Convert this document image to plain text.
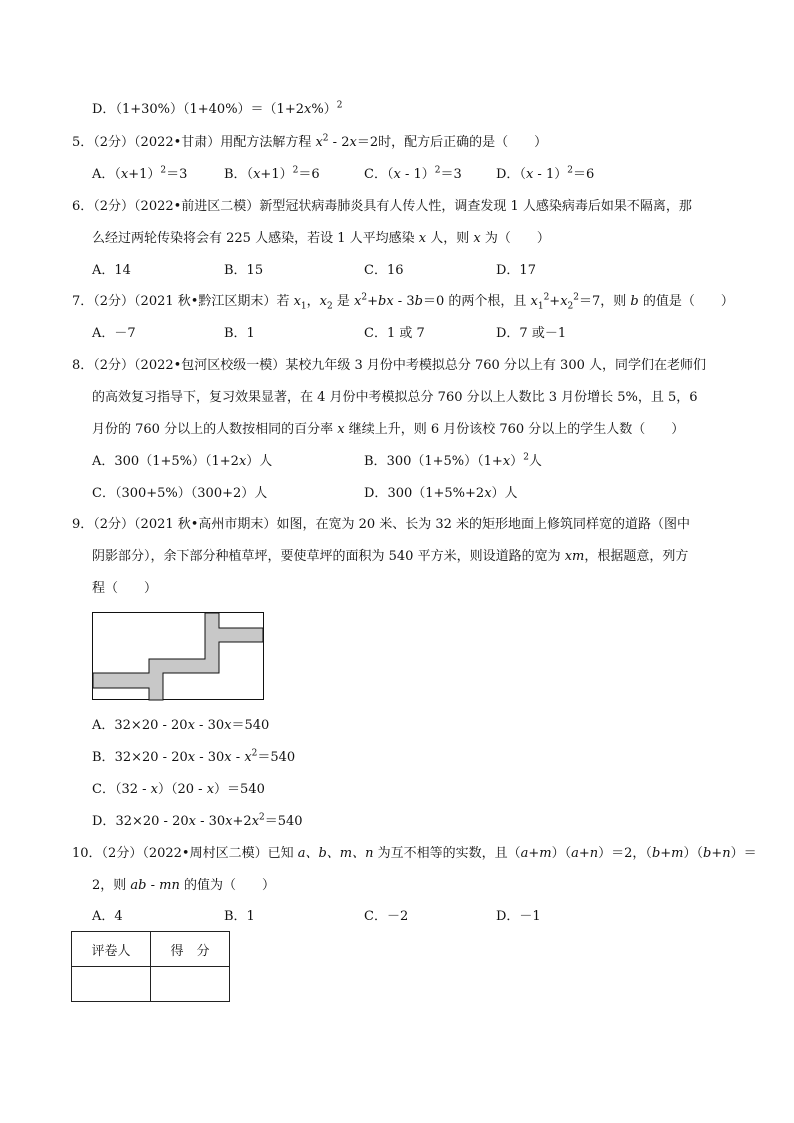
D．$(1+30\%)(1+40\%)=(1+2x\%)^2$
5．（2分）（2022•甘肃）用配方法解方程 $x^2 - 2x=2$时，配方后正确的是（　　）
A．$(x+1)^2=3$	B．$(x+1)^2=6$	C．（x - 1）$^2$＝3	D．（x - 1）$^2$＝6
6．（2分）（2022•前进区二模）新型冠状病毒肺炎具有人传人性，调查发现 1 人感染病毒后如果不隔离，那
么经过两轮传染将会有 225 人感染，若设 1 人平均感染 x 人，则 x 为（　　）
A．14	B．15	C．16	D．17
7．（2分）（2021 秋•黔江区期末）若 $x_1$，$x_2$ 是 $x^2+bx - 3b=0$ 的两个根，且 $x_1^2+x_2^2=7$，则 b 的值是（　　）
A．－7	B．1	C．1 或 7	D．7 或－1
8．（2分）（2022•包河区校级一模）某校九年级 3 月份中考模拟总分 760 分以上有 300 人，同学们在老师们
的高效复习指导下，复习效果显著，在 4 月份中考模拟总分 760 分以上人数比 3 月份增长 5%，且 5，6
月份的 760 分以上的人数按相同的百分率 x 继续上升，则 6 月份该校 760 分以上的学生人数（　　）
A．300（1+5%）（1+2x）人	B．$300(1+5\%)(1+x)^2$人
C．（300+5%）（300+2）人	D．300（1+5%+2x）人
9．（2分）（2021 秋•高州市期末）如图，在宽为 20 米、长为 32 米的矩形地面上修筑同样宽的道路（图中
阴影部分），余下部分种植草坪，要使草坪的面积为 540 平方米，则设道路的宽为 xm，根据题意，列方
程（　　）
A．32×20 - 20x - 30x＝540
B．$32\times 20 - 20x - 30x - x^2=540$
C．（32 - x）（20 - x）＝540
D．$32\times 20 - 20x - 30x+2x^2=540$
10．（2分）（2022•周村区二模）已知 a、b、m、n 为互不相等的实数，且（a+m）（a+n）＝2，（b+m）（b+n）＝
2，则 ab - mn 的值为（　　）
A．4	B．1	C．－2	D．－1
评卷人	得　分
